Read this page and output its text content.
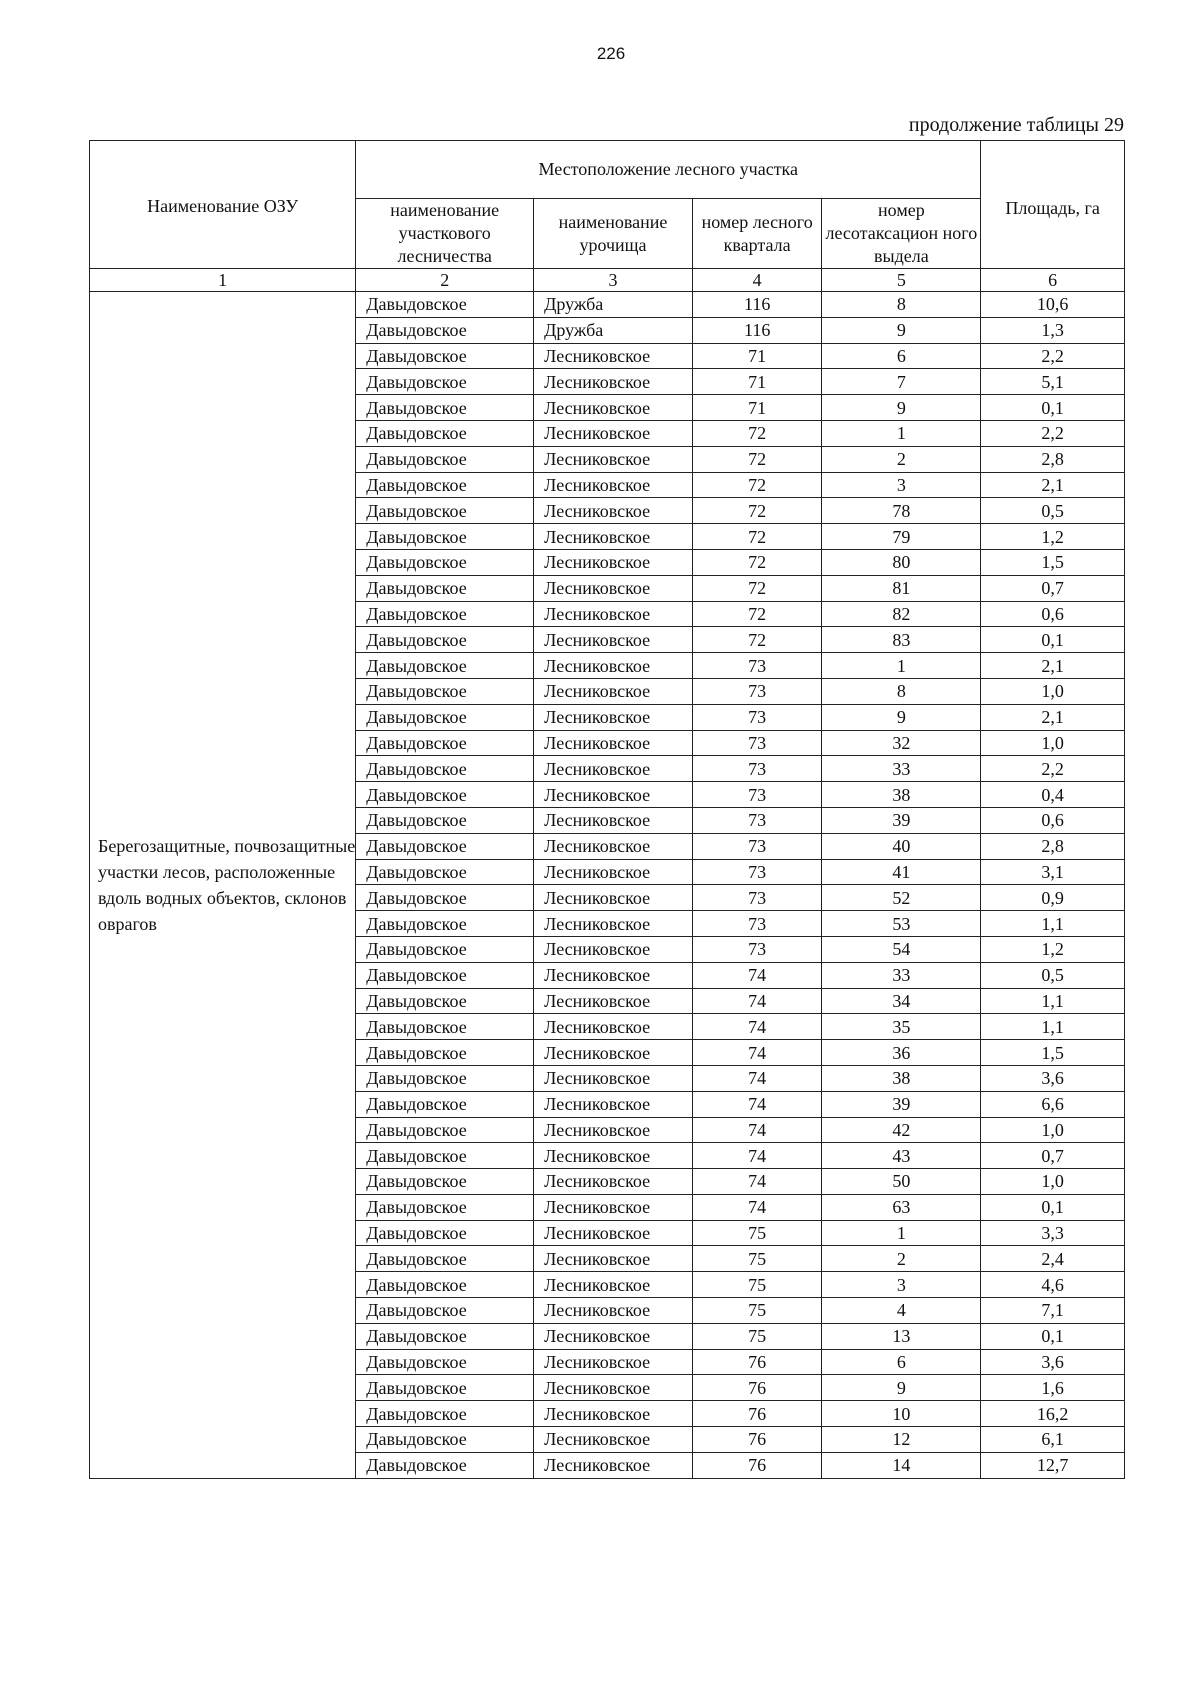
226
продолжение таблицы 29
Наименование ОЗУ	Местоположение лесного участка				Площадь, га
	наименование участкового лесничества	наименование урочища	номер лесного квартала	номер лесотаксацион ного выдела	
1	2	3	4	5	6
Берегозащитные, почвозащитные участки лесов, расположенные вдоль водных объектов, склонов оврагов	Давыдовское	Дружба	116	8	10,6
	Давыдовское	Дружба	116	9	1,3
	Давыдовское	Лесниковское	71	6	2,2
	Давыдовское	Лесниковское	71	7	5,1
	Давыдовское	Лесниковское	71	9	0,1
	Давыдовское	Лесниковское	72	1	2,2
	Давыдовское	Лесниковское	72	2	2,8
	Давыдовское	Лесниковское	72	3	2,1
	Давыдовское	Лесниковское	72	78	0,5
	Давыдовское	Лесниковское	72	79	1,2
	Давыдовское	Лесниковское	72	80	1,5
	Давыдовское	Лесниковское	72	81	0,7
	Давыдовское	Лесниковское	72	82	0,6
	Давыдовское	Лесниковское	72	83	0,1
	Давыдовское	Лесниковское	73	1	2,1
	Давыдовское	Лесниковское	73	8	1,0
	Давыдовское	Лесниковское	73	9	2,1
	Давыдовское	Лесниковское	73	32	1,0
	Давыдовское	Лесниковское	73	33	2,2
	Давыдовское	Лесниковское	73	38	0,4
	Давыдовское	Лесниковское	73	39	0,6
	Давыдовское	Лесниковское	73	40	2,8
	Давыдовское	Лесниковское	73	41	3,1
	Давыдовское	Лесниковское	73	52	0,9
	Давыдовское	Лесниковское	73	53	1,1
	Давыдовское	Лесниковское	73	54	1,2
	Давыдовское	Лесниковское	74	33	0,5
	Давыдовское	Лесниковское	74	34	1,1
	Давыдовское	Лесниковское	74	35	1,1
	Давыдовское	Лесниковское	74	36	1,5
	Давыдовское	Лесниковское	74	38	3,6
	Давыдовское	Лесниковское	74	39	6,6
	Давыдовское	Лесниковское	74	42	1,0
	Давыдовское	Лесниковское	74	43	0,7
	Давыдовское	Лесниковское	74	50	1,0
	Давыдовское	Лесниковское	74	63	0,1
	Давыдовское	Лесниковское	75	1	3,3
	Давыдовское	Лесниковское	75	2	2,4
	Давыдовское	Лесниковское	75	3	4,6
	Давыдовское	Лесниковское	75	4	7,1
	Давыдовское	Лесниковское	75	13	0,1
	Давыдовское	Лесниковское	76	6	3,6
	Давыдовское	Лесниковское	76	9	1,6
	Давыдовское	Лесниковское	76	10	16,2
	Давыдовское	Лесниковское	76	12	6,1
	Давыдовское	Лесниковское	76	14	12,7
